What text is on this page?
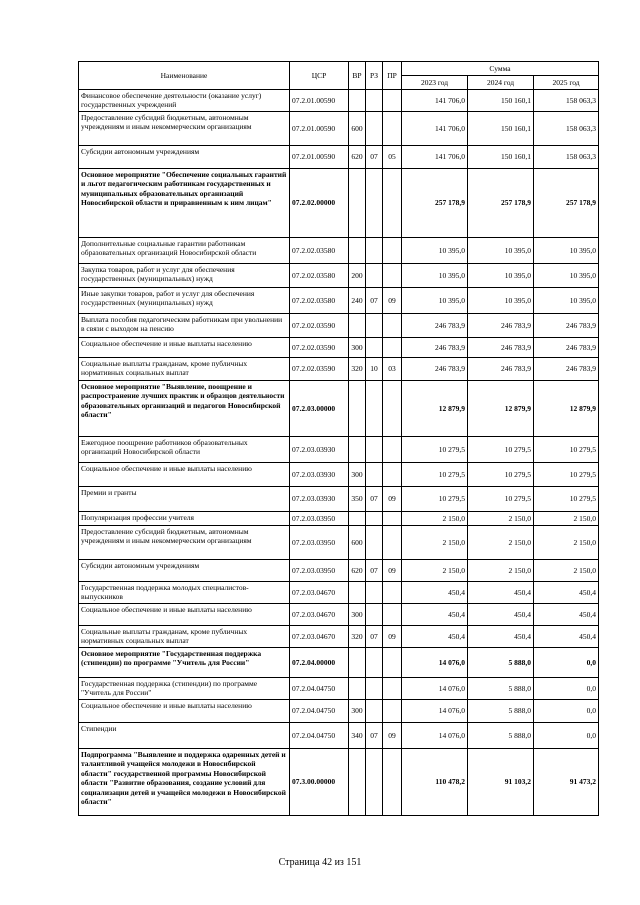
Наименование	ЦСР	ВР	РЗ	ПР	Сумма		
					2023 год	2024 год	2025 год
Финансовое обеспечение деятельности (оказание услуг) государственных учреждений	07.2.01.00590				141 706,0	150 160,1	158 063,3
Предоставление субсидий бюджетным, автономным учреждениям и иным некоммерческим организациям	07.2.01.00590	600			141 706,0	150 160,1	158 063,3
Субсидии автономным учреждениям	07.2.01.00590	620	07	05	141 706,0	150 160,1	158 063,3
Основное мероприятие "Обеспечение социальных гарантий и льгот педагогическим работникам государственных и муниципальных образовательных организаций Новосибирской области и приравненным к ним лицам"	07.2.02.00000				257 178,9	257 178,9	257 178,9
Дополнительные социальные гарантии работникам образовательных организаций Новосибирской области	07.2.02.03580				10 395,0	10 395,0	10 395,0
Закупка товаров, работ и услуг для обеспечения государственных (муниципальных) нужд	07.2.02.03580	200			10 395,0	10 395,0	10 395,0
Иные закупки товаров, работ и услуг для обеспечения государственных (муниципальных) нужд	07.2.02.03580	240	07	09	10 395,0	10 395,0	10 395,0
Выплата пособия педагогическим работникам при увольнении в связи с выходом на пенсию	07.2.02.03590				246 783,9	246 783,9	246 783,9
Социальное обеспечение и иные выплаты населению	07.2.02.03590	300			246 783,9	246 783,9	246 783,9
Социальные выплаты гражданам, кроме публичных нормативных социальных выплат	07.2.02.03590	320	10	03	246 783,9	246 783,9	246 783,9
Основное мероприятие "Выявление, поощрение и распространение лучших практик и образцов деятельности образовательных организаций и педагогов Новосибирской области"	07.2.03.00000				12 879,9	12 879,9	12 879,9
Ежегодное поощрение работников образовательных организаций Новосибирской области	07.2.03.03930				10 279,5	10 279,5	10 279,5
Социальное обеспечение и иные выплаты населению	07.2.03.03930	300			10 279,5	10 279,5	10 279,5
Премии и гранты	07.2.03.03930	350	07	09	10 279,5	10 279,5	10 279,5
Популяризация профессии учителя	07.2.03.03950				2 150,0	2 150,0	2 150,0
Предоставление субсидий бюджетным, автономным учреждениям и иным некоммерческим организациям	07.2.03.03950	600			2 150,0	2 150,0	2 150,0
Субсидии автономным учреждениям	07.2.03.03950	620	07	09	2 150,0	2 150,0	2 150,0
Государственная поддержка молодых специалистов-выпускников	07.2.03.04670				450,4	450,4	450,4
Социальное обеспечение и иные выплаты населению	07.2.03.04670	300			450,4	450,4	450,4
Социальные выплаты гражданам, кроме публичных нормативных социальных выплат	07.2.03.04670	320	07	09	450,4	450,4	450,4
Основное мероприятие "Государственная поддержка (стипендии) по программе "Учитель для России"	07.2.04.00000				14 076,0	5 888,0	0,0
Государственная поддержка (стипендии) по программе "Учитель для России"	07.2.04.04750				14 076,0	5 888,0	0,0
Социальное обеспечение и иные выплаты населению	07.2.04.04750	300			14 076,0	5 888,0	0,0
Стипендии	07.2.04.04750	340	07	09	14 076,0	5 888,0	0,0
Подпрограмма "Выявление и поддержка одаренных детей и талантливой учащейся молодежи в Новосибирской области" государственной программы Новосибирской области "Развитие образования, создание условий для социализации детей и учащейся молодежи в Новосибирской области"	07.3.00.00000				110 478,2	91 103,2	91 473,2
Страница 42 из 151
